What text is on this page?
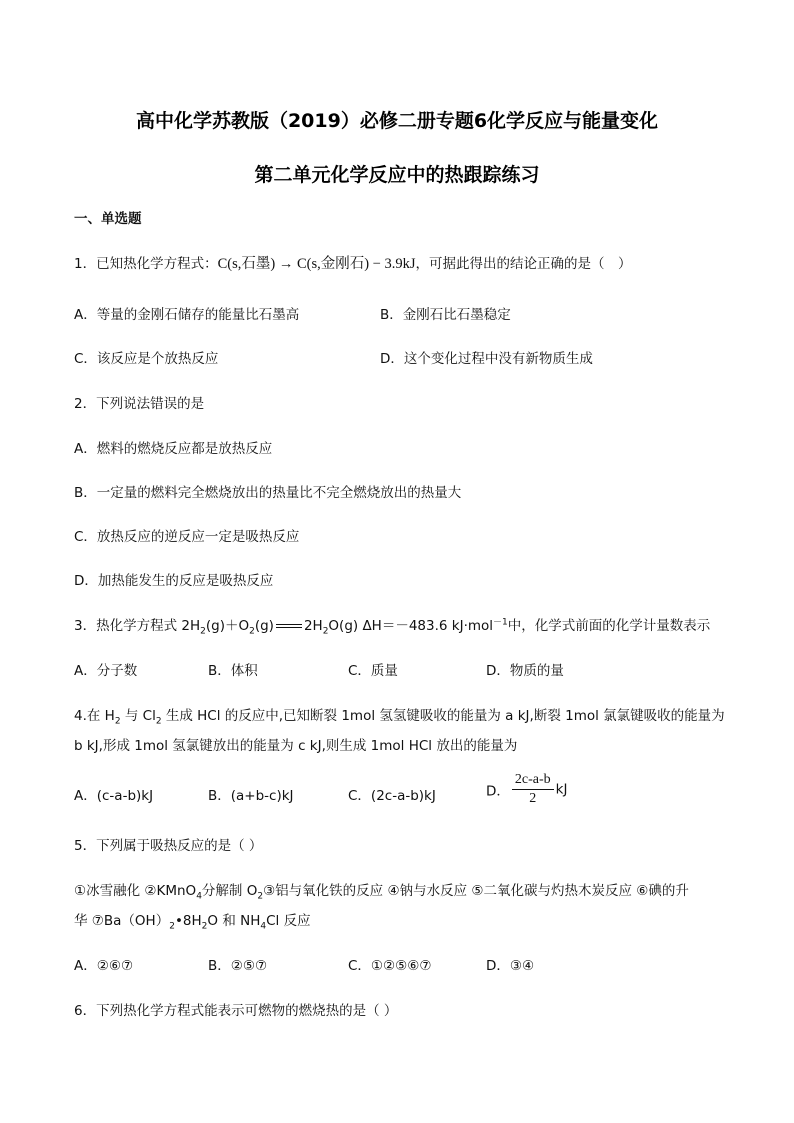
高中化学苏教版（2019）必修二册专题6化学反应与能量变化
第二单元化学反应中的热跟踪练习
一、单选题
1．已知热化学方程式：C(s,石墨) → C(s,金刚石) − 3.9kJ，可据此得出的结论正确的是（　）
A．等量的金刚石储存的能量比石墨高	B．金刚石比石墨稳定
C．该反应是个放热反应	D．这个变化过程中没有新物质生成
2．下列说法错误的是
A．燃料的燃烧反应都是放热反应
B．一定量的燃料完全燃烧放出的热量比不完全燃烧放出的热量大
C．放热反应的逆反应一定是吸热反应
D．加热能发生的反应是吸热反应
3．热化学方程式 $2H_2(g)+O_2(g)$ $2H_2O(g)$ ΔH＝－483.6 kJ·mol$^{-1}$中，化学式前面的化学计量数表示
A．分子数	B．体积	C．质量	D．物质的量
4.在 $H_2$ 与 $Cl_2$ 生成 HCl 的反应中,已知断裂 1mol 氢氢键吸收的能量为 a kJ,断裂 1mol 氯氯键吸收的能量为
b kJ,形成 1mol 氢氯键放出的能量为 c kJ,则生成 1mol HCl 放出的能量为
A．(c-a-b)kJ	B．(a+b-c)kJ	C．(2c-a-b)kJ	D． $\frac{2c-a-b}{2}$ kJ
5．下列属于吸热反应的是（ ）
①冰雪融化 ②KMnO$_4$分解制 $O_2③$铝与氧化铁的反应 ④钠与水反应 ⑤二氧化碳与灼热木炭反应 ⑥碘的升
华 $⑦Ba(OH)_2•8H_2O$ 和 $NH_4Cl$ 反应
A．②⑥⑦	B．②⑤⑦	C．①②⑤⑥⑦	D．③④
6．下列热化学方程式能表示可燃物的燃烧热的是（ ）
